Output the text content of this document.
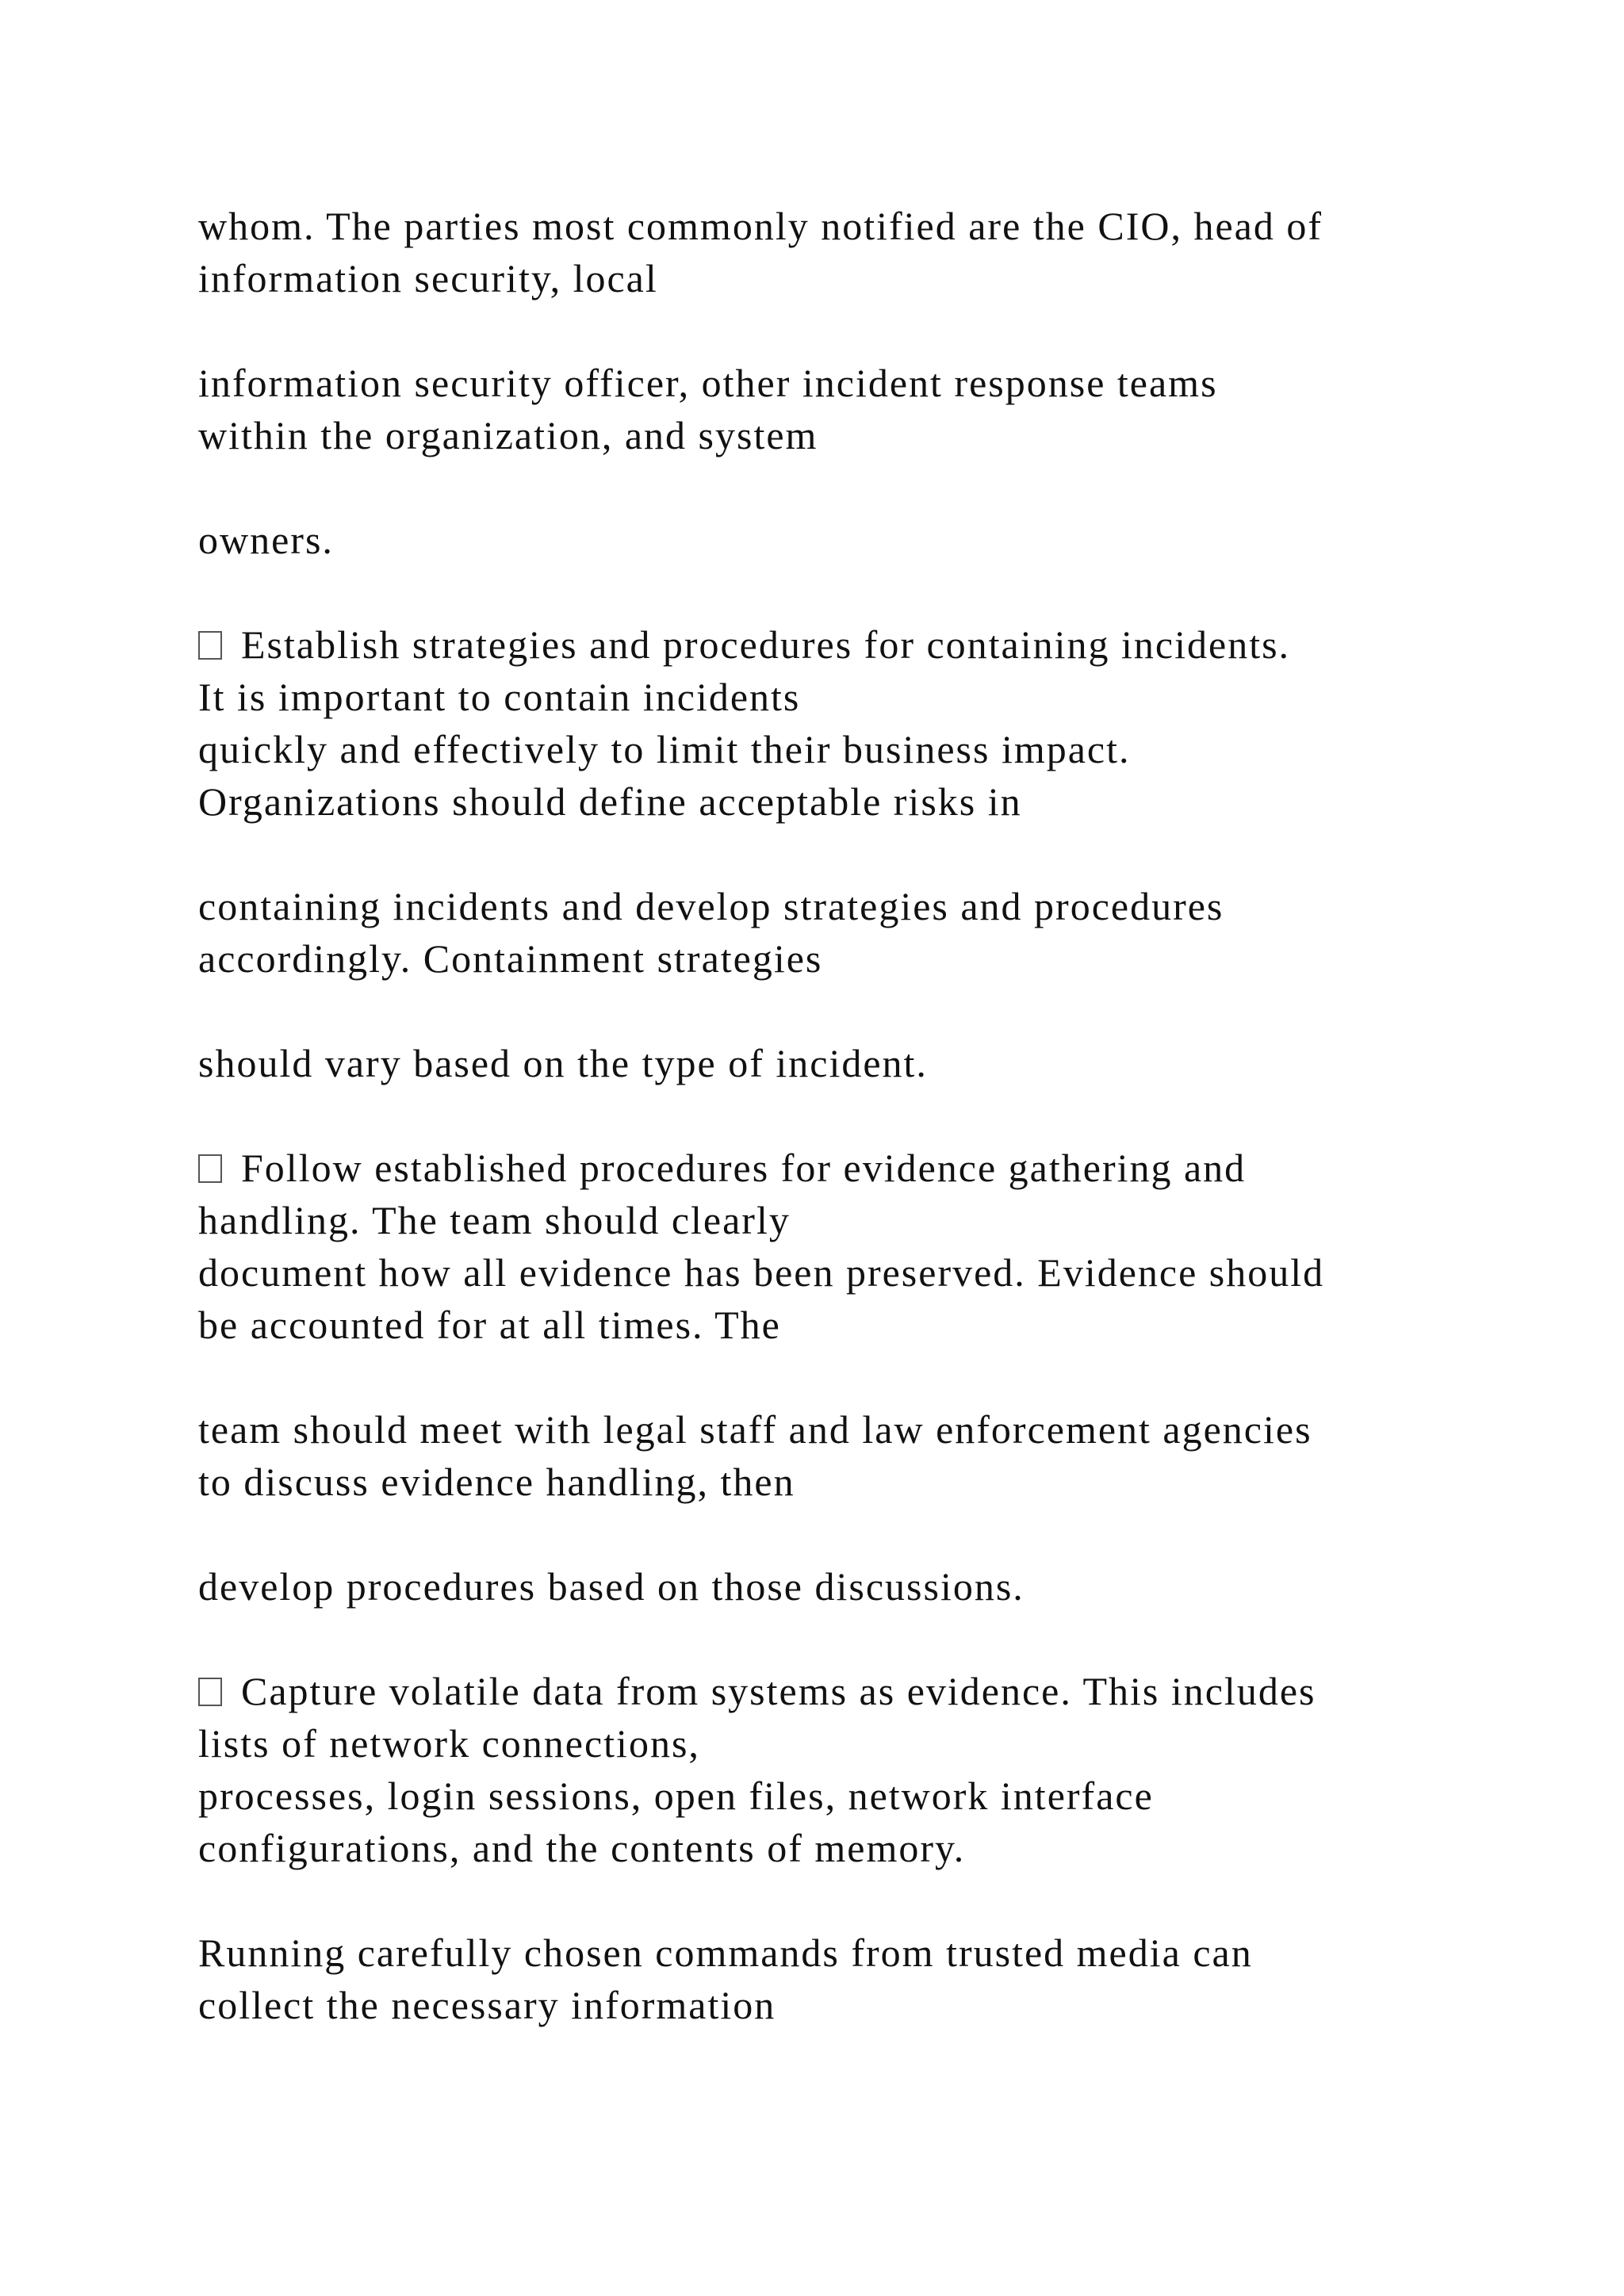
whom. The parties most commonly notified are the CIO, head of
information security, local
information security officer, other incident response teams
within the organization, and system
owners.
Establish strategies and procedures for containing incidents.
It is important to contain incidents
quickly and effectively to limit their business impact.
Organizations should define acceptable risks in
containing incidents and develop strategies and procedures
accordingly. Containment strategies
should vary based on the type of incident.
Follow established procedures for evidence gathering and
handling. The team should clearly
document how all evidence has been preserved. Evidence should
be accounted for at all times. The
team should meet with legal staff and law enforcement agencies
to discuss evidence handling, then
develop procedures based on those discussions.
Capture volatile data from systems as evidence. This includes
lists of network connections,
processes, login sessions, open files, network interface
configurations, and the contents of memory.
Running carefully chosen commands from trusted media can
collect the necessary information
